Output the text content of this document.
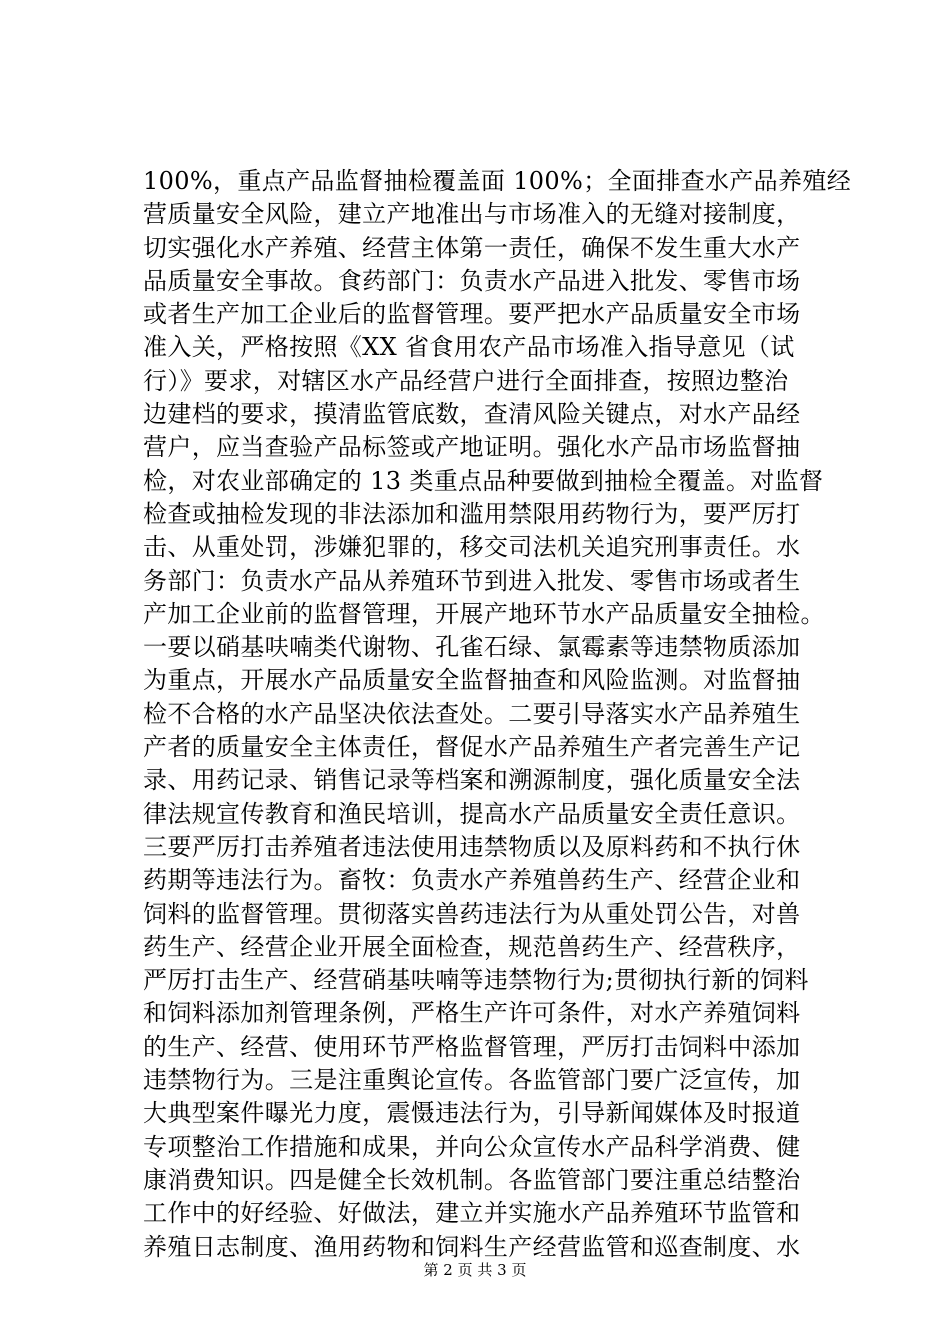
100%，重点产品监督抽检覆盖面 100%；全面排查水产品养殖经
营质量安全风险，建立产地准出与市场准入的无缝对接制度，
切实强化水产养殖、经营主体第一责任，确保不发生重大水产
品质量安全事故。食药部门：负责水产品进入批发、零售市场
或者生产加工企业后的监督管理。要严把水产品质量安全市场
准入关，严格按照《XX 省食用农产品市场准入指导意见（试
行）》要求，对辖区水产品经营户进行全面排查，按照边整治
边建档的要求，摸清监管底数，查清风险关键点，对水产品经
营户，应当查验产品标签或产地证明。强化水产品市场监督抽
检，对农业部确定的 13 类重点品种要做到抽检全覆盖。对监督
检查或抽检发现的非法添加和滥用禁限用药物行为，要严厉打
击、从重处罚，涉嫌犯罪的，移交司法机关追究刑事责任。水
务部门：负责水产品从养殖环节到进入批发、零售市场或者生
产加工企业前的监督管理，开展产地环节水产品质量安全抽检。
一要以硝基呋喃类代谢物、孔雀石绿、氯霉素等违禁物质添加
为重点，开展水产品质量安全监督抽查和风险监测。对监督抽
检不合格的水产品坚决依法查处。二要引导落实水产品养殖生
产者的质量安全主体责任，督促水产品养殖生产者完善生产记
录、用药记录、销售记录等档案和溯源制度，强化质量安全法
律法规宣传教育和渔民培训，提高水产品质量安全责任意识。
三要严厉打击养殖者违法使用违禁物质以及原料药和不执行休
药期等违法行为。畜牧：负责水产养殖兽药生产、经营企业和
饲料的监督管理。贯彻落实兽药违法行为从重处罚公告，对兽
药生产、经营企业开展全面检查，规范兽药生产、经营秩序，
严厉打击生产、经营硝基呋喃等违禁物行为;贯彻执行新的饲料
和饲料添加剂管理条例，严格生产许可条件，对水产养殖饲料
的生产、经营、使用环节严格监督管理，严厉打击饲料中添加
违禁物行为。三是注重舆论宣传。各监管部门要广泛宣传，加
大典型案件曝光力度，震慑违法行为，引导新闻媒体及时报道
专项整治工作措施和成果，并向公众宣传水产品科学消费、健
康消费知识。四是健全长效机制。各监管部门要注重总结整治
工作中的好经验、好做法，建立并实施水产品养殖环节监管和
养殖日志制度、渔用药物和饲料生产经营监管和巡查制度、水
第 2 页 共 3 页
